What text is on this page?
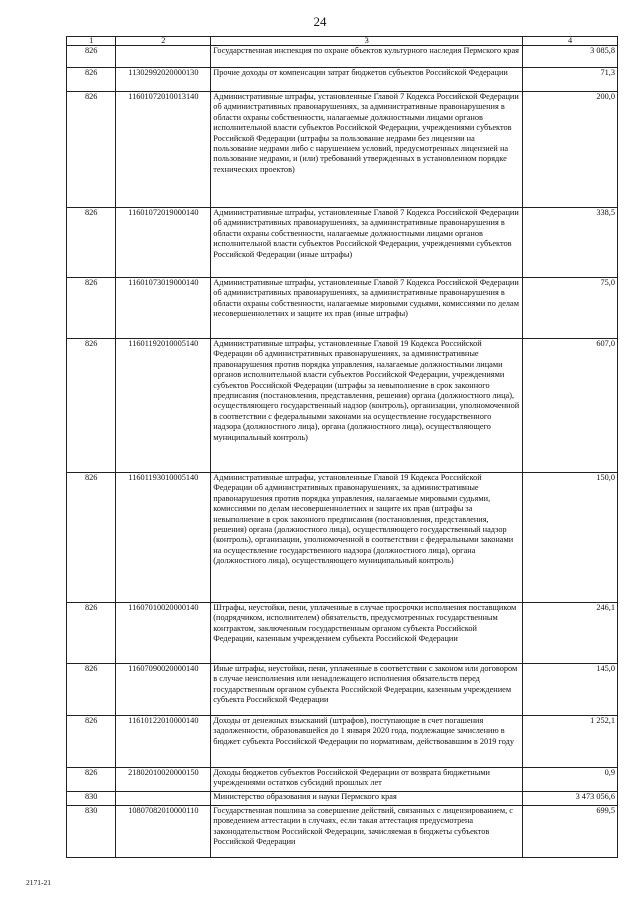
24
1	2	3	4
826		Государственная инспекция по охране объектов культурного наследия Пермского края	3 085,8
826	11302992020000130	Прочие доходы от компенсации затрат бюджетов субъектов Российской Федерации	71,3
826	11601072010013140	Административные штрафы, установленные Главой 7 Кодекса Российской Федерации об административных правонарушениях, за административные правонарушения в области охраны собственности, налагаемые должностными лицами органов исполнительной власти субъектов Российской Федерации, учреждениями субъектов Российской Федерации (штрафы за пользование недрами без лицензии на пользование недрами либо с нарушением условий, предусмотренных лицензией на пользование недрами, и (или) требований утвержденных в установленном порядке технических проектов)	200,0
826	11601072019000140	Административные штрафы, установленные Главой 7 Кодекса Российской Федерации об административных правонарушениях, за административные правонарушения в области охраны собственности, налагаемые должностными лицами органов исполнительной власти субъектов Российской Федерации, учреждениями субъектов Российской Федерации (иные штрафы)	338,5
826	11601073019000140	Административные штрафы, установленные Главой 7 Кодекса Российской Федерации об административных правонарушениях, за административные правонарушения в области охраны собственности, налагаемые мировыми судьями, комиссиями по делам несовершеннолетних и защите их прав (иные штрафы)	75,0
826	11601192010005140	Административные штрафы, установленные Главой 19 Кодекса Российской Федерации об административных правонарушениях, за административные правонарушения против порядка управления, налагаемые должностными лицами органов исполнительной власти субъектов Российской Федерации, учреждениями субъектов Российской Федерации (штрафы за невыполнение в срок законного предписания (постановления, представления, решения) органа (должностного лица), осуществляющего государственный надзор (контроль), организации, уполномоченной в соответствии с федеральными законами на осуществление государственного надзора (должностного лица), органа (должностного лица), осуществляющего муниципальный контроль)	607,0
826	11601193010005140	Административные штрафы, установленные Главой 19 Кодекса Российской Федерации об административных правонарушениях, за административные правонарушения против порядка управления, налагаемые мировыми судьями, комиссиями по делам несовершеннолетних и защите их прав (штрафы за невыполнение в срок законного предписания (постановления, представления, решения) органа (должностного лица), осуществляющего государственный надзор (контроль), организации, уполномоченной в соответствии с федеральными законами на осуществление государственного надзора (должностного лица), органа (должностного лица), осуществляющего муниципальный контроль)	150,0
826	11607010020000140	Штрафы, неустойки, пени, уплаченные в случае просрочки исполнения поставщиком (подрядчиком, исполнителем) обязательств, предусмотренных государственным контрактом, заключенным государственным органом субъекта Российской Федерации, казенным учреждением субъекта Российской Федерации	246,1
826	11607090020000140	Иные штрафы, неустойки, пени, уплаченные в соответствии с законом или договором в случае неисполнения или ненадлежащего исполнения обязательств перед государственным органом субъекта Российской Федерации, казенным учреждением субъекта Российской Федерации	145,0
826	11610122010000140	Доходы от денежных взысканий (штрафов), поступающие в счет погашения задолженности, образовавшейся до 1 января 2020 года, подлежащие зачислению в бюджет субъекта Российской Федерации по нормативам, действовавшим в 2019 году	1 252,1
826	21802010020000150	Доходы бюджетов субъектов Российской Федерации от возврата бюджетными учреждениями остатков субсидий прошлых лет	0,9
830		Министерство образования и науки Пермского края	3 473 056,6
830	10807082010000110	Государственная пошлина за совершение действий, связанных с лицензированием, с проведением аттестации в случаях, если такая аттестация предусмотрена законодательством Российской Федерации, зачисляемая в бюджеты субъектов Российской Федерации	699,5
2171-21
